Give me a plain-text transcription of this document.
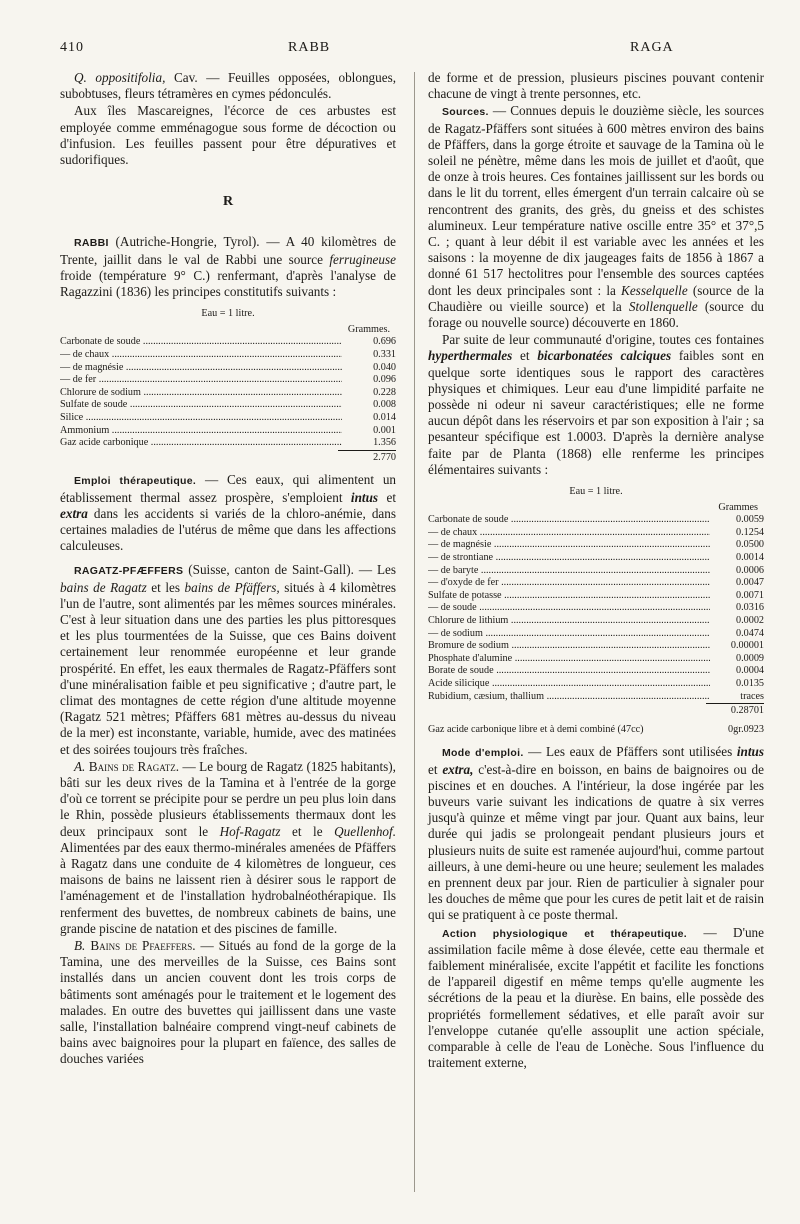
410	RABB	RAGA

Q. oppositifolia, Cav. — Feuilles opposées, oblongues, subobtuses, fleurs tétramères en cymes pédonculés.

Aux îles Mascareignes, l'écorce de ces arbustes est employée comme emménagogue sous forme de décoction ou d'infusion. Les feuilles passent pour être dépuratives et sudorifiques.

R

RABBI (Autriche-Hongrie, Tyrol). — A 40 kilomètres de Trente, jaillit dans le val de Rabbi une source ferrugineuse froide (température 9° C.) renfermant, d'après l'analyse de Ragazzini (1836) les principes constitutifs suivants :

Eau = 1 litre.
Grammes.
Carbonate de soude .....	0.696
— de chaux .....	0.331
— de magnésie .....	0.040
— de fer .....	0.096
Chlorure de sodium .....	0.228
Sulfate de soude .....	0.008
Silice .....	0.014
Ammonium .....	0.001
Gaz acide carbonique .....	1.356
2.770

Emploi thérapeutique. — Ces eaux, qui alimentent un établissement thermal assez prospère, s'emploient intus et extra dans les accidents si variés de la chloro-anémie, dans certaines maladies de l'utérus de même que dans les affections calculeuses.

RAGATZ-PFÆFFERS (Suisse, canton de Saint-Gall). — Les bains de Ragatz et les bains de Pfäffers, situés à 4 kilomètres l'un de l'autre, sont alimentés par les mêmes sources minérales. C'est à leur situation dans une des parties les plus pittoresques et les plus tourmentées de la Suisse, que ces Bains doivent certainement leur renommée européenne et leur grande prospérité. En effet, les eaux thermales de Ragatz-Pfäffers sont d'une minéralisation faible et peu significative ; d'autre part, le climat des montagnes de cette région d'une altitude moyenne (Ragatz 521 mètres; Pfäffers 681 mètres au-dessus du niveau de la mer) est inconstante, variable, humide, avec des matinées et des soirées toujours très fraîches.

A. Bains de Ragatz. — Le bourg de Ragatz (1825 habitants), bâti sur les deux rives de la Tamina et à l'entrée de la gorge d'où ce torrent se précipite pour se perdre un peu plus loin dans le Rhin, possède plusieurs établissements thermaux dont les deux principaux sont le Hof-Ragatz et le Quellenhof. Alimentées par des eaux thermo-minérales amenées de Pfäffers à Ragatz dans une conduite de 4 kilomètres de longueur, ces maisons de bains ne laissent rien à désirer sous le rapport de l'aménagement et de l'installation hydrobalnéothérapique. Ils renferment des buvettes, de nombreux cabinets de bains, une grande piscine de natation et des piscines de famille.

B. Bains de Pfaeffers. — Situés au fond de la gorge de la Tamina, une des merveilles de la Suisse, ces Bains sont installés dans un ancien couvent dont les trois corps de bâtiments sont aménagés pour le traitement et le logement des malades. En outre des buvettes qui jaillissent dans une vaste salle, l'installation balnéaire comprend vingt-neuf cabinets de bains avec baignoires pour la plupart en faïence, des salles de douches variées

de forme et de pression, plusieurs piscines pouvant contenir chacune de vingt à trente personnes, etc.

Sources. — Connues depuis le douzième siècle, les sources de Ragatz-Pfäffers sont situées à 600 mètres environ des bains de Pfäffers, dans la gorge étroite et sauvage de la Tamina où le soleil ne pénètre, même dans les mois de juillet et d'août, que de onze à trois heures. Ces fontaines jaillissent sur les bords ou dans le lit du torrent, elles émergent d'un terrain calcaire où se rencontrent des granits, des grès, du gneiss et des schistes alumineux. Leur température native oscille entre 35° et 37°,5 C. ; quant à leur débit il est variable avec les années et les saisons : la moyenne de dix jaugeages faits de 1856 à 1867 a donné 61 517 hectolitres pour l'ensemble des sources captées dont les deux principales sont : la Kesselquelle (source de la Chaudière ou vieille source) et la Stollenquelle (source du forage ou nouvelle source) découverte en 1860.

Par suite de leur communauté d'origine, toutes ces fontaines hyperthermales et bicarbonatées calciques faibles sont en quelque sorte identiques sous le rapport des caractères physiques et chimiques. Leur eau d'une limpidité parfaite ne possède ni odeur ni saveur caractéristiques; elle ne forme aucun dépôt dans les réservoirs et par son exposition à l'air ; sa pesanteur spécifique est 1.0003. D'après la dernière analyse faite par de Planta (1868) elle renferme les principes élémentaires suivants :

Eau = 1 litre.
Grammes
Carbonate de soude .....	0.0059
— de chaux .....	0.1254
— de magnésie .....	0.0500
— de strontiane .....	0.0014
— de baryte .....	0.0006
— d'oxyde de fer .....	0.0047
Sulfate de potasse .....	0.0071
— de soude .....	0.0316
Chlorure de lithium .....	0.0002
— de sodium .....	0.0474
Bromure de sodium .....	0.00001
Phosphate d'alumine .....	0.0009
Borate de soude .....	0.0004
Acide silicique .....	0.0135
Rubidium, cæsium, thallium .....	traces
0.28701
Gaz acide carbonique libre et à demi combiné (47cc)	0gr.0923

Mode d'emploi. — Les eaux de Pfäffers sont utilisées intus et extra, c'est-à-dire en boisson, en bains de baignoires ou de piscines et en douches. A l'intérieur, la dose ingérée par les buveurs varie suivant les indications de quatre à six verres jusqu'à quinze et même vingt par jour. Quant aux bains, leur durée qui jadis se prolongeait pendant plusieurs jours et plusieurs nuits de suite est ramenée aujourd'hui, comme partout ailleurs, à une demi-heure ou une heure; seulement les malades en prennent deux par jour. Rien de particulier à signaler pour les douches de même que pour les cures de petit lait et de raisin qui se pratiquent à ce poste thermal.

Action physiologique et thérapeutique. — D'une assimilation facile même à dose élevée, cette eau thermale et faiblement minéralisée, excite l'appétit et facilite les fonctions de l'appareil digestif en même temps qu'elle augmente les sécrétions de la peau et la diurèse. En bains, elle possède des propriétés formellement sédatives, et elle paraît avoir sur l'enveloppe cutanée qu'elle assouplit une action spéciale, comparable à celle de l'eau de Lonèche. Sous l'influence du traitement externe,
